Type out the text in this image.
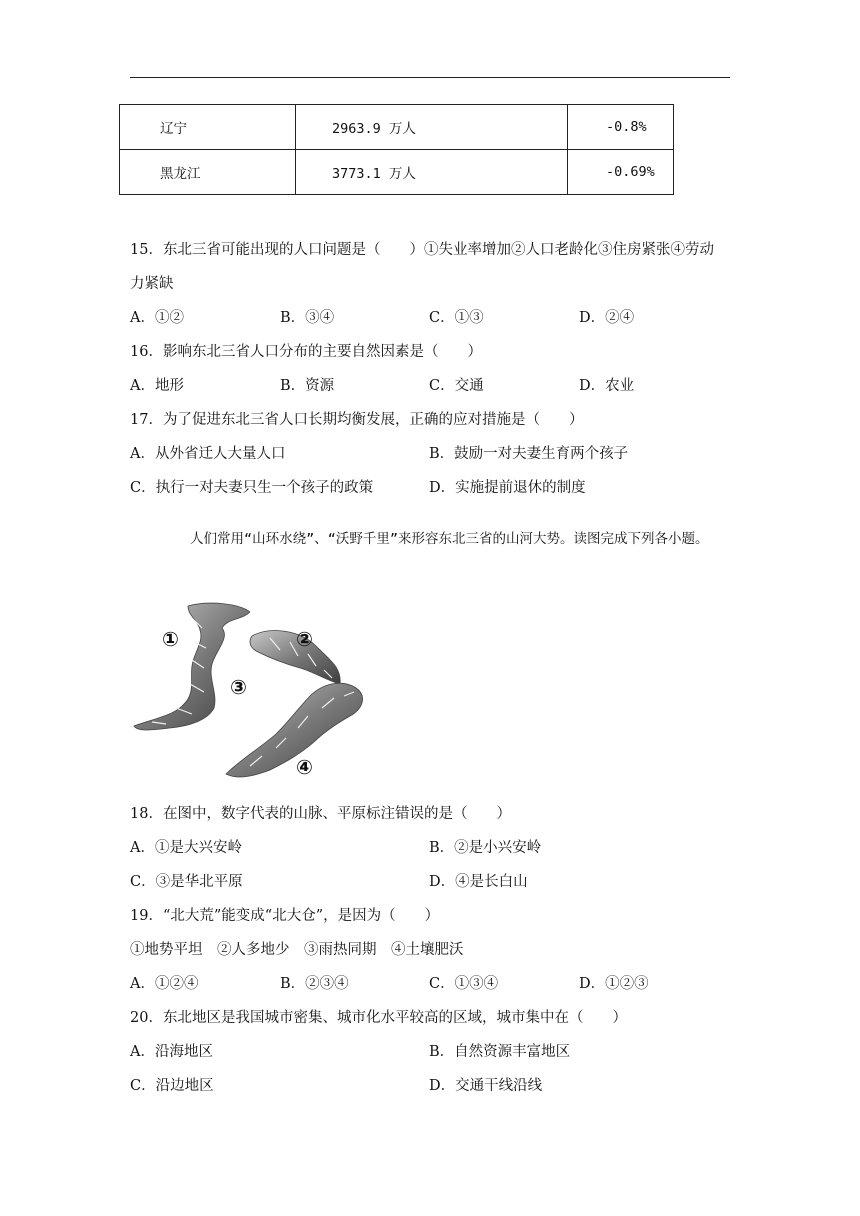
辽宁	2963.9 万人	-0.8%
黑龙江	3773.1 万人	-0.69%
15．东北三省可能出现的人口问题是（　　）①失业率增加②人口老龄化③住房紧张④劳动
力紧缺
A．①②	B．③④	C．①③	D．②④
16．影响东北三省人口分布的主要自然因素是（　　）
A．地形	B．资源	C．交通	D．农业
17．为了促进东北三省人口长期均衡发展，正确的应对措施是（　　）
A．从外省迁人大量人口	B．鼓励一对夫妻生育两个孩子
C．执行一对夫妻只生一个孩子的政策	D．实施提前退休的制度
人们常用“山环水绕”、“沃野千里”来形容东北三省的山河大势。读图完成下列各小题。
①	②
③
④
18．在图中，数字代表的山脉、平原标注错误的是（　　）
A．①是大兴安岭	B．②是小兴安岭
C．③是华北平原	D．④是长白山
19．“北大荒”能变成“北大仓”，是因为（　　）
①地势平坦　②人多地少　③雨热同期　④土壤肥沃
A．①②④	B．②③④	C．①③④	D．①②③
20．东北地区是我国城市密集、城市化水平较高的区域，城市集中在（　　）
A．沿海地区	B．自然资源丰富地区
C．沿边地区	D．交通干线沿线
